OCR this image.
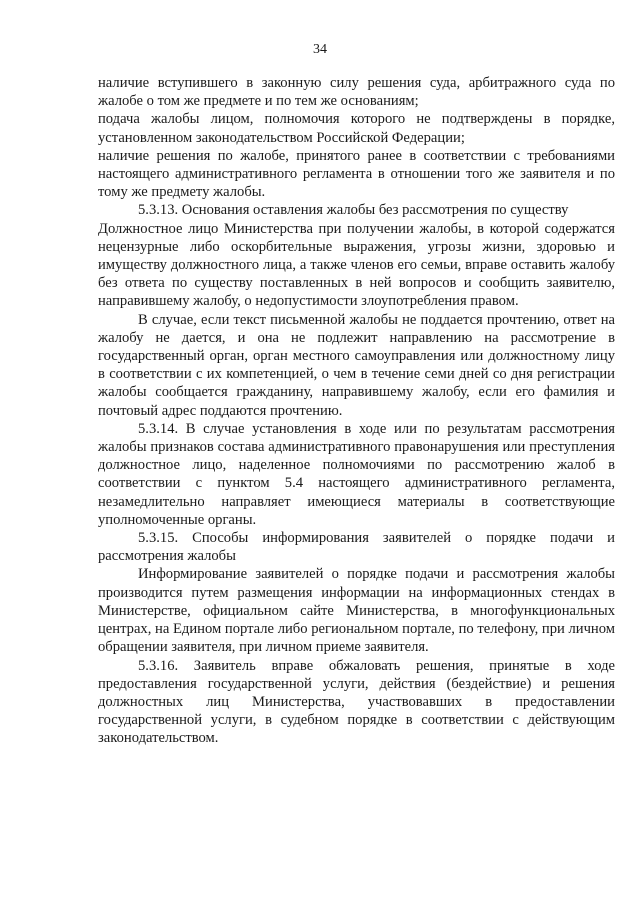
34

наличие вступившего в законную силу решения суда, арбитражного суда по жалобе о том же предмете и по тем же основаниям;

подача жалобы лицом, полномочия которого не подтверждены в порядке, установленном законодательством Российской Федерации;

наличие решения по жалобе, принятого ранее в соответствии с требованиями настоящего административного регламента в отношении того же заявителя и по тому же предмету жалобы.

5.3.13. Основания оставления жалобы без рассмотрения по существу

Должностное лицо Министерства при получении жалобы, в которой содержатся нецензурные либо оскорбительные выражения, угрозы жизни, здоровью и имуществу должностного лица, а также членов его семьи, вправе оставить жалобу без ответа по существу поставленных в ней вопросов и сообщить заявителю, направившему жалобу, о недопустимости злоупотребления правом.

В случае, если текст письменной жалобы не поддается прочтению, ответ на жалобу не дается, и она не подлежит направлению на рассмотрение в государственный орган, орган местного самоуправления или должностному лицу в соответствии с их компетенцией, о чем в течение семи дней со дня регистрации жалобы сообщается гражданину, направившему жалобу, если его фамилия и почтовый адрес поддаются прочтению.

5.3.14. В случае установления в ходе или по результатам рассмотрения жалобы признаков состава административного правонарушения или преступления должностное лицо, наделенное полномочиями по рассмотрению жалоб в соответствии с пунктом 5.4 настоящего административного регламента, незамедлительно направляет имеющиеся материалы в соответствующие уполномоченные органы.

5.3.15. Способы информирования заявителей о порядке подачи и рассмотрения жалобы

Информирование заявителей о порядке подачи и рассмотрения жалобы производится путем размещения информации на информационных стендах в Министерстве, официальном сайте Министерства, в многофункциональных центрах, на Едином портале либо региональном портале, по телефону, при личном обращении заявителя, при личном приеме заявителя.

5.3.16. Заявитель вправе обжаловать решения, принятые в ходе предоставления государственной услуги, действия (бездействие) и решения должностных лиц Министерства, участвовавших в предоставлении государственной услуги, в судебном порядке в соответствии с действующим законодательством.
